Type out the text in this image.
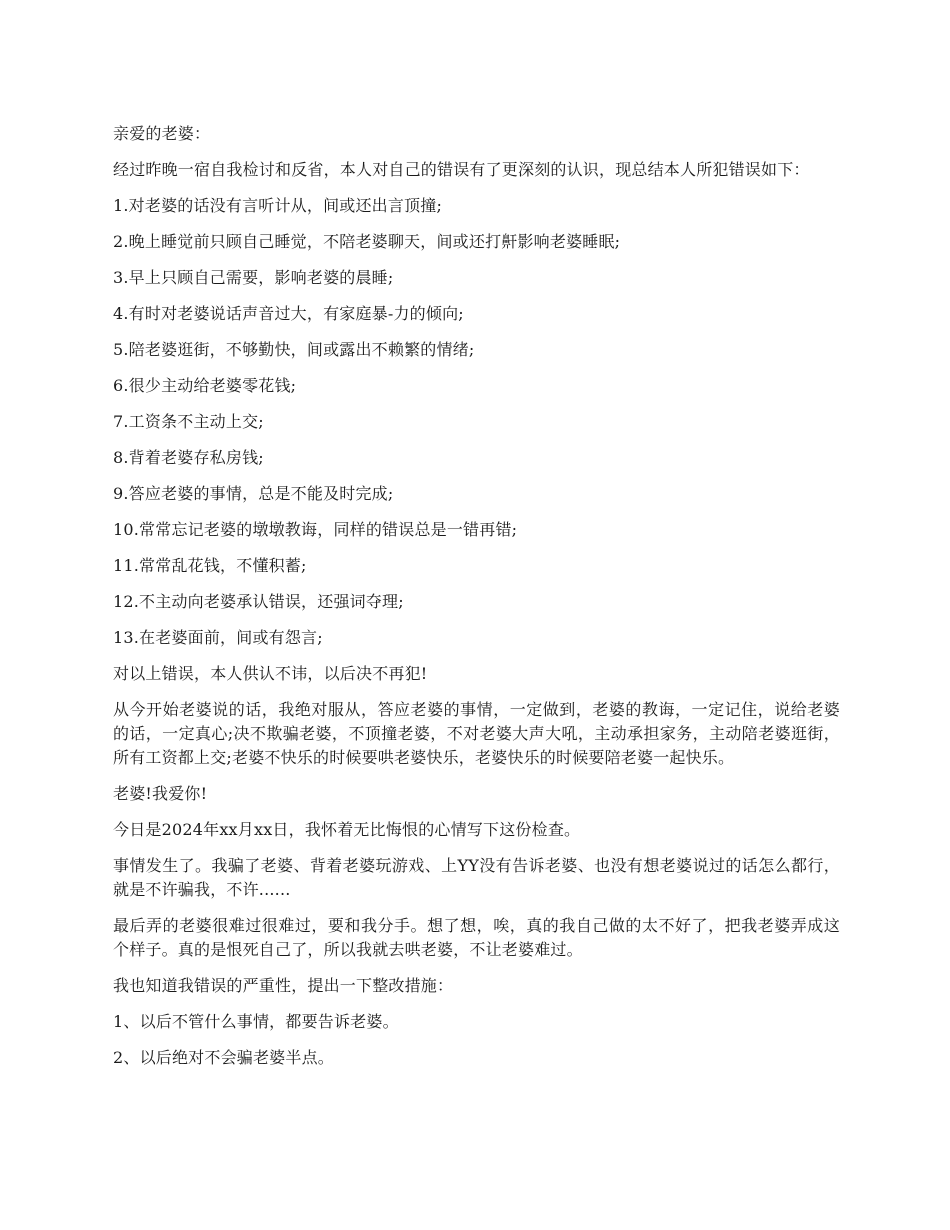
亲爱的老婆：

经过昨晚一宿自我检讨和反省，本人对自己的错误有了更深刻的认识，现总结本人所犯错误如下：

1.对老婆的话没有言听计从，间或还出言顶撞;

2.晚上睡觉前只顾自己睡觉，不陪老婆聊天，间或还打鼾影响老婆睡眠;

3.早上只顾自己需要，影响老婆的晨睡;

4.有时对老婆说话声音过大，有家庭暴-力的倾向;

5.陪老婆逛街，不够勤快，间或露出不赖繁的情绪;

6.很少主动给老婆零花钱;

7.工资条不主动上交;

8.背着老婆存私房钱;

9.答应老婆的事情，总是不能及时完成;

10.常常忘记老婆的墩墩教诲，同样的错误总是一错再错;

11.常常乱花钱，不懂积蓄;

12.不主动向老婆承认错误，还强词夺理;

13.在老婆面前，间或有怨言;

对以上错误，本人供认不讳，以后决不再犯!

从今开始老婆说的话，我绝对服从，答应老婆的事情，一定做到，老婆的教诲，一定记住，说给老婆的话，一定真心;决不欺骗老婆，不顶撞老婆，不对老婆大声大吼，主动承担家务，主动陪老婆逛街，所有工资都上交;老婆不快乐的时候要哄老婆快乐，老婆快乐的时候要陪老婆一起快乐。

老婆!我爱你!

今日是2024年xx月xx日，我怀着无比悔恨的心情写下这份检查。

事情发生了。我骗了老婆、背着老婆玩游戏、上YY没有告诉老婆、也没有想老婆说过的话怎么都行，就是不许骗我，不许......

最后弄的老婆很难过很难过，要和我分手。想了想，唉，真的我自己做的太不好了，把我老婆弄成这个样子。真的是恨死自己了，所以我就去哄老婆，不让老婆难过。

我也知道我错误的严重性，提出一下整改措施：

1、以后不管什么事情，都要告诉老婆。

2、以后绝对不会骗老婆半点。
